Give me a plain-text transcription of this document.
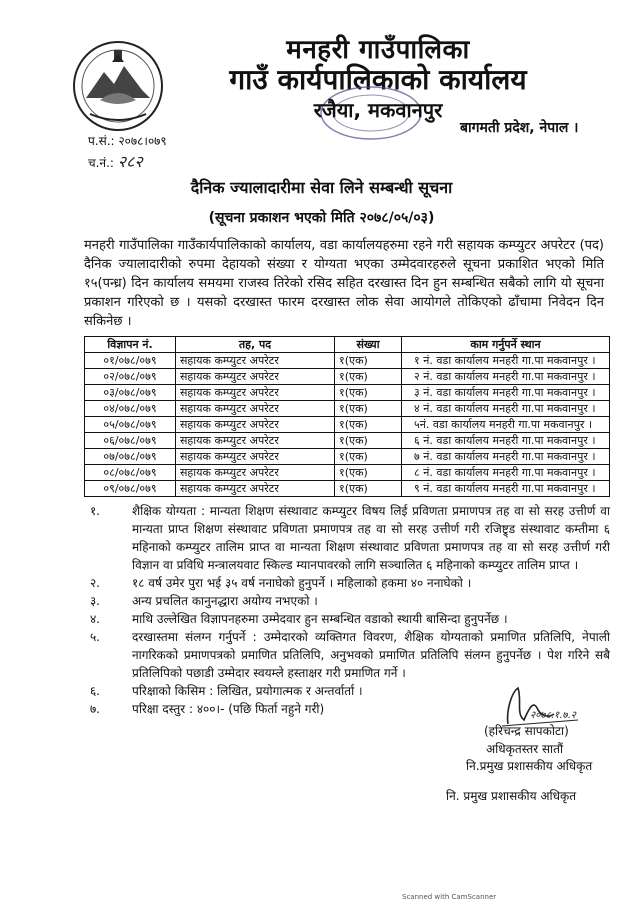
मनहरी गाउँपालिका
गाउँ कार्यपालिकाको कार्यालय
रजैया, मकवानपुर
बागमती प्रदेश, नेपाल ।
प.सं.: २०७८।०७९
च.नं.: २८२
दैनिक ज्यालादारीमा सेवा लिने सम्बन्धी सूचना
(सूचना प्रकाशन भएको मिति २०७८/०५/०३)
मनहरी गाउँपालिका गाउँकार्यपालिकाको कार्यालय, वडा कार्यालयहरुमा रहने गरी सहायक कम्प्युटर अपरेटर (पद) दैनिक ज्यालादारीको रुपमा देहायको संख्या र योग्यता भएका उम्मेदवारहरुले सूचना प्रकाशित भएको मिति १५(पन्ध्र) दिन कार्यालय समयमा राजस्व तिरेको रसिद सहित दरखास्त दिन हुन सम्बन्धित सबैको लागि यो सूचना प्रकाशन गरिएको छ । यसको दरखास्त फारम दरखास्त लोक सेवा आयोगले तोकिएको ढाँचामा निवेदन दिन सकिनेछ ।
विज्ञापन नं.	तह, पद	संख्या	काम गर्नुपर्ने स्थान
०१/०७८/०७९	सहायक कम्प्युटर अपरेटर	१(एक)	१ नं. वडा कार्यालय मनहरी गा.पा मकवानपुर ।
०२/०७८/०७९	सहायक कम्प्युटर अपरेटर	१(एक)	२ नं. वडा कार्यालय मनहरी गा.पा मकवानपुर ।
०३/०७८/०७९	सहायक कम्प्युटर अपरेटर	१(एक)	३ नं. वडा कार्यालय मनहरी गा.पा मकवानपुर ।
०४/०७८/०७९	सहायक कम्प्युटर अपरेटर	१(एक)	४ नं. वडा कार्यालय मनहरी गा.पा मकवानपुर ।
०५/०७८/०७९	सहायक कम्प्युटर अपरेटर	१(एक)	५नं. वडा कार्यालय मनहरी गा.पा मकवानपुर ।
०६/०७८/०७९	सहायक कम्प्युटर अपरेटर	१(एक)	६ नं. वडा कार्यालय मनहरी गा.पा मकवानपुर ।
०७/०७८/०७९	सहायक कम्प्युटर अपरेटर	१(एक)	७ नं. वडा कार्यालय मनहरी गा.पा मकवानपुर ।
०८/०७८/०७९	सहायक कम्प्युटर अपरेटर	१(एक)	८ नं. वडा कार्यालय मनहरी गा.पा मकवानपुर ।
०९/०७८/०७९	सहायक कम्प्युटर अपरेटर	१(एक)	९ नं. वडा कार्यालय मनहरी गा.पा मकवानपुर ।
१.	शैक्षिक योग्यता : मान्यता शिक्षण संस्थावाट कम्प्युटर विषय लिई प्रविणता प्रमाणपत्र तह वा सो सरह उत्तीर्ण वा मान्यता प्राप्त शिक्षण संस्थावाट प्रविणता प्रमाणपत्र तह वा सो सरह उत्तीर्ण गरी रजिष्ट्र्ड संस्थावाट कम्तीमा ६ महिनाको कम्प्युटर तालिम प्राप्त वा मान्यता शिक्षण संस्थावाट प्रविणता प्रमाणपत्र तह वा सो सरह उत्तीर्ण गरी विज्ञान वा प्रविधि मन्त्रालयवाट स्किल्ड म्यानपावरको लागि सञ्चालित ६ महिनाको कम्प्युटर तालिम प्राप्त ।
२.	१८ वर्ष उमेर पुरा भई ३५ वर्ष ननाघेको हुनुपर्ने । महिलाको हकमा ४० ननाघेको ।
३.	अन्य प्रचलित कानुनद्धारा अयोग्य नभएको ।
४.	माथि उल्लेखित विज्ञापनहरुमा उम्मेदवार हुन सम्बन्धित वडाको स्थायी बासिन्दा हुनुपर्नेछ ।
५.	दरखास्तमा संलग्न गर्नुपर्ने : उम्मेदारको व्यक्तिगत विवरण, शैक्षिक योग्यताको प्रमाणित प्रतिलिपि, नेपाली नागरिकको प्रमाणपत्रको प्रमाणित प्रतिलिपि, अनुभवको प्रमाणित प्रतिलिपि संलग्न हुनुपर्नेछ । पेश गरिने सबै प्रतिलिपिको पछाडी उम्मेदार स्वयम्ले हस्ताक्षर गरी प्रमाणित गर्ने ।
६.	परिक्षाको किसिम : लिखित, प्रयोगात्मक र अन्तर्वार्ता ।
७.	परिक्षा दस्तुर : ४००।- (पछि फिर्ता नहुने गरी)	२०७८.१.७.२
(हरिचन्द्र सापकोटा)
अधिकृतस्तर सातौं
नि.प्रमुख प्रशासकीय अधिकृत
नि. प्रमुख प्रशासकीय अधिकृत
Scanned with CamScanner
